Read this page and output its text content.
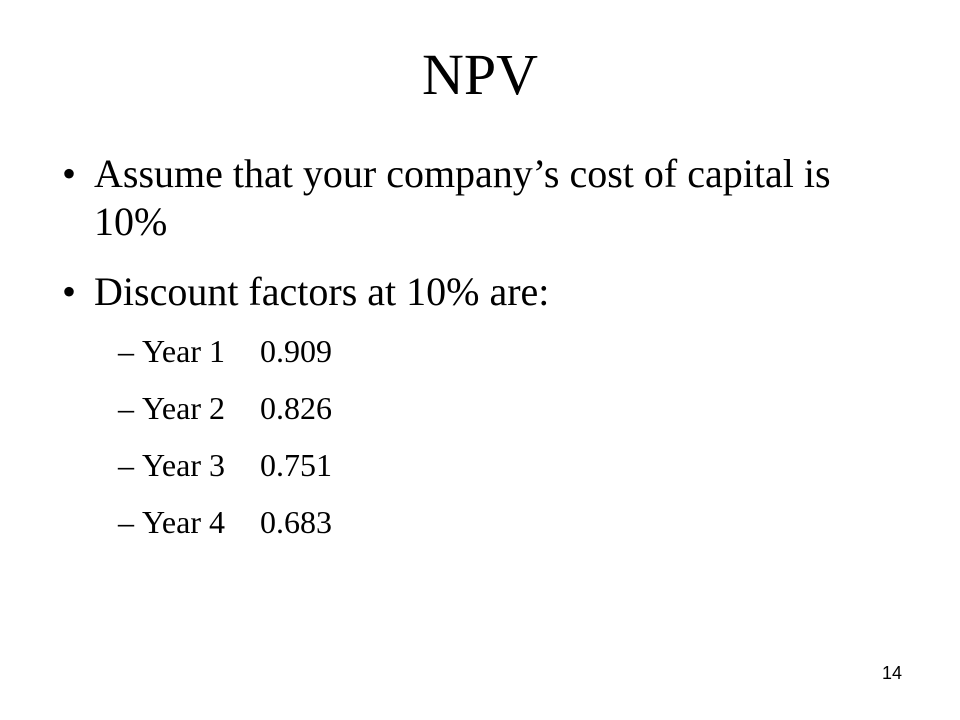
NPV
• Assume that your company’s cost of capital is 10%
• Discount factors at 10% are:
– Year 1 0.909
– Year 2 0.826
– Year 3 0.751
– Year 4 0.683
14
